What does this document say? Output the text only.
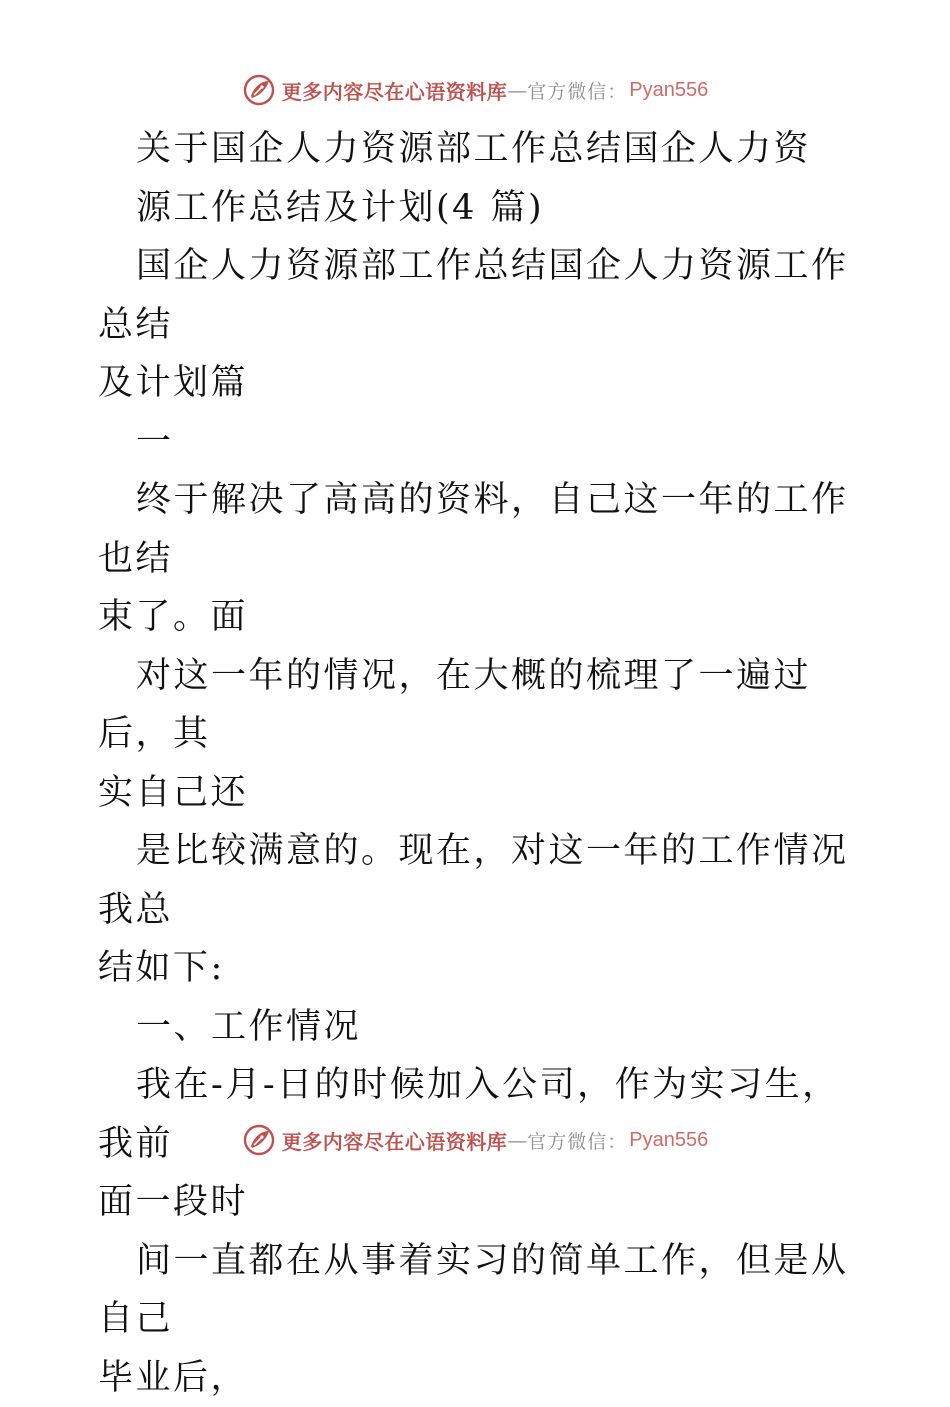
更多内容尽在心语资料库 — 官方微信： Pyan556

关于国企人力资源部工作总结国企人力资

源工作总结及计划(4 篇)

国企人力资源部工作总结国企人力资源工作总结

及计划篇

一

终于解决了高高的资料，自己这一年的工作也结

束了。面

对这一年的情况，在大概的梳理了一遍过后，其

实自己还

是比较满意的。现在，对这一年的工作情况我总

结如下:

一、工作情况

我在-月-日的时候加入公司，作为实习生，我前

面一段时

间一直都在从事着实习的简单工作，但是从自己

毕业后，

更多内容尽在心语资料库 — 官方微信： Pyan556
